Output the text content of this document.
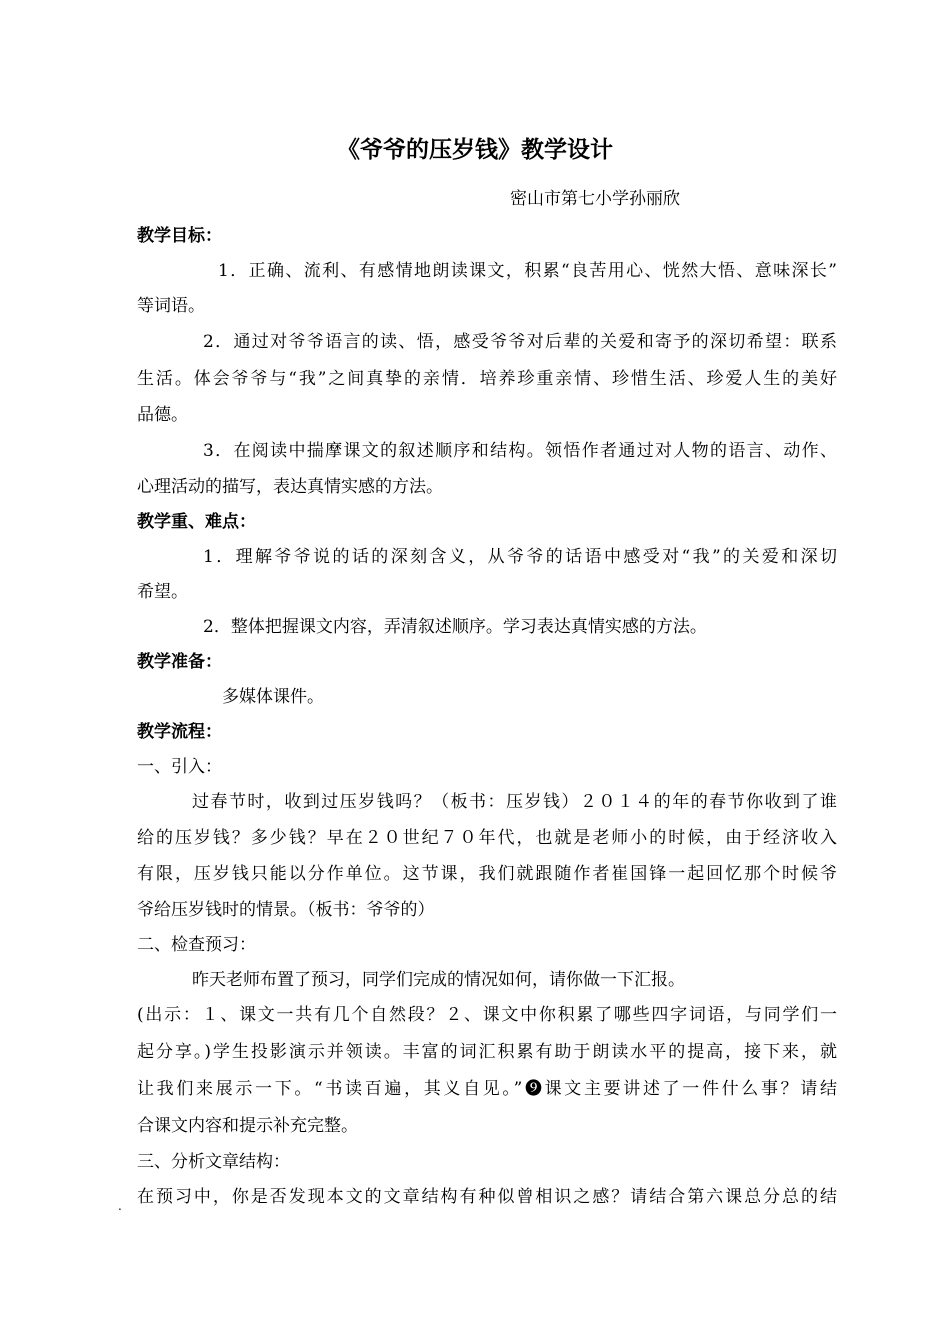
《爷爷的压岁钱》教学设计
密山市第七小学孙丽欣
教学目标：
1．正确、流利、有感情地朗读课文，积累“良苦用心、恍然大悟、意味深长”
等词语。
2．通过对爷爷语言的读、悟，感受爷爷对后辈的关爱和寄予的深切希望：联系
生活。体会爷爷与“我”之间真挚的亲情．培养珍重亲情、珍惜生活、珍爱人生的美好
品德。
3．在阅读中揣摩课文的叙述顺序和结构。领悟作者通过对人物的语言、动作、
心理活动的描写，表达真情实感的方法。
教学重、难点：
1．理解爷爷说的话的深刻含义，从爷爷的话语中感受对“我”的关爱和深切
希望。
2．整体把握课文内容，弄清叙述顺序。学习表达真情实感的方法。
教学准备：
多媒体课件。
教学流程：
一、引入：
过春节时，收到过压岁钱吗？（板书：压岁钱）２０１４的年的春节你收到了谁
给的压岁钱？多少钱？早在２０世纪７０年代，也就是老师小的时候，由于经济收入
有限，压岁钱只能以分作单位。这节课，我们就跟随作者崔国锋一起回忆那个时候爷
爷给压岁钱时的情景。（板书：爷爷的）
二、检查预习：
昨天老师布置了预习，同学们完成的情况如何，请你做一下汇报。
(出示：１、课文一共有几个自然段？２、课文中你积累了哪些四字词语，与同学们一
起分享。)学生投影演示并领读。丰富的词汇积累有助于朗读水平的提高，接下来，就
让我们来展示一下。“书读百遍，其义自见。”❾课文主要讲述了一件什么事？请结
合课文内容和提示补充完整。
三、分析文章结构：
在预习中，你是否发现本文的文章结构有种似曾相识之感？请结合第六课总分总的结
.
